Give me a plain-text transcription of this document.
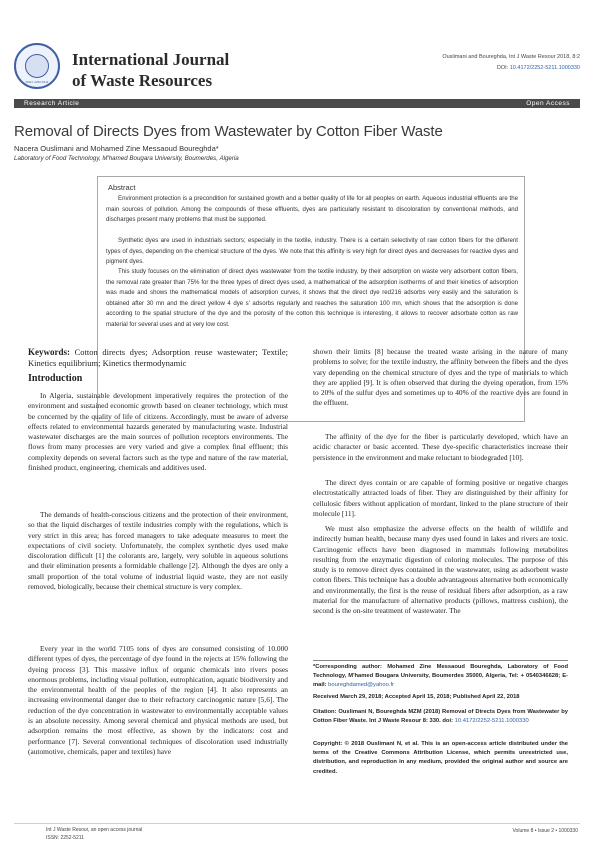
ISSN: 2252-5211
International Journal
of Waste Resources
Ouslimani and Boureghda, Int J Waste Resour 2018, 8:2
DOI: 10.4172/2252-5211.1000330
Research Article	Open Access
Removal of Directs Dyes from Wastewater by Cotton Fiber Waste
Nacera Ouslimani and Mohamed Zine Messaoud Boureghda*
Laboratory of Food Technology, M'hamed Bougara University, Boumerdes, Algeria
Abstract
Environment protection is a precondition for sustained growth and a better quality of life for all peoples on earth. Aqueous industrial effluents are the main sources of pollution. Among the compounds of these effluents, dyes are particularly resistant to discoloration by conventional methods, and discharges present many problems that must be supported.
Synthetic dyes are used in industrials sectors; especially in the textile, industry. There is a certain selectivity of raw cotton fibers for the different types of dyes, depending on the chemical structure of the dyes. We note that this affinity is very high for direct dyes and decreases for reactive dyes and pigment dyes.
This study focuses on the elimination of direct dyes wastewater from the textile industry, by their adsorption on waste very adsorbent cotton fibers, the removal rate greater than 75% for the three types of direct dyes used, a mathematical of the adsorption isotherms of and their kinetics of adsorption was made and shows the mathematical models of adsorption curves, it shows that the direct dye red216 adsorbs very easily and the saturation is obtained after 30 mn and the direct yellow 4 dye s' adsorbs regularly and reaches the saturation 100 mn, which shows that the adsorption is done according to the spatial structure of the dye and the porosity of the cotton this technique is interesting, it allows to recover adsorbate cotton as raw material for several uses and at very low cost.
Keywords: Cotton directs dyes; Adsorption reuse wastewater; Textile; Kinetics equilibrium; Kinetics thermodynamic
Introduction

In Algeria, sustainable development imperatively requires the protection of the environment and sustained economic growth based on cleaner technology, which must be concerned by the quality of life of citizens. Accordingly, must be aware of adverse effects related to environmental hazards generated by manufacturing waste. Industrial wastewater discharges are the main sources of pollution receptors environments. The flows from many processes are very varied and give a complex final effluent; this complexity depends on several factors such as the type and nature of the raw material, finished product, engineering, chemicals and additives used.

The demands of health-conscious citizens and the protection of their environment, so that the liquid discharges of textile industries comply with the regulations, which is very strict in this area; has forced managers to take adequate measures to meet the expectations of civil society. Unfortunately, the complex synthetic dyes used make discoloration difficult [1] the colorants are, largely, very soluble in aqueous solutions and their elimination presents a formidable challenge [2]. Although the dyes are only a small proportion of the total volume of industrial liquid waste, they are not easily removed, biologically, because their chemical structure is very complex.

Every year in the world 7105 tons of dyes are consumed consisting of 10.000 different types of dyes, the percentage of dye found in the rejects at 15% following the dyeing process [3]. This massive influx of organic chemicals into rivers poses enormous problems, including visual pollution, eutrophication, aquatic biodiversity and the environmental health of the peoples of the region [4]. It also represents an increasing environmental danger due to their refractory carcinogenic nature [5,6]. The reduction of the dye concentration in wastewater to environmentally acceptable values is an absolute necessity. Among several chemical and physical methods are used, but adsorption remains the most effective, as shown by the indicators: cost and performance [7]. Several conventional techniques of discoloration used industrially (automotive, chemicals, paper and textiles) have

shown their limits [8] because the treated waste arising in the nature of many problems to solve; for the textile industry, the affinity between the fibers and the dyes vary depending on the chemical structure of dyes and the type of materials to which they are applied [9]. It is often observed that during the dyeing operation, from 15% to 20% of the sulfur dyes and sometimes up to 40% of the reactive dyes are found in the effluent.

The affinity of the dye for the fiber is particularly developed, which have an acidic character or basic accented. These dye-specific characteristics increase their persistence in the environment and make reluctant to biodegraded [10].

The direct dyes contain or are capable of forming positive or negative charges electrostatically attracted loads of fiber. They are distinguished by their affinity for cellulosic fibers without application of mordant, linked to the plane structure of their molecule [11].

We must also emphasize the adverse effects on the health of wildlife and indirectly human health, because many dyes used found in lakes and rivers are toxic. Carcinogenic effects have been diagnosed in mammals following metabolites resulting from the enzymatic digestion of coloring molecules. The purpose of this study is to remove direct dyes contained in the wastewater, using as adsorbent waste cotton fibers. This technique has a double advantageous alternative both economically and environmentally, the first is the reuse of residual fibers after adsorption, as a raw material for the manufacture of alternative products (pillows, mattress cushion), the second is the on-site treatment of wastewater. The

*Corresponding author: Mohamed Zine Messaoud Boureghda, Laboratory of Food Technology, M'hamed Bougara University, Boumerdes 35000, Algeria, Tel: + 0540346628; E-mail: boureghdamed@yahoo.fr
Received March 29, 2018; Accepted April 15, 2018; Published April 22, 2018
Citation: Ouslimani N, Boureghda MZM (2018) Removal of Directs Dyes from Wastewater by Cotton Fiber Waste. Int J Waste Resour 8: 330. doi: 10.4172/2252-5211.1000330
Copyright: © 2018 Ouslimani N, et al. This is an open-access article distributed under the terms of the Creative Commons Attribution License, which permits unrestricted use, distribution, and reproduction in any medium, provided the original author and source are credited.
Int J Waste Resour, an open access journal
ISSN: 2252-5211
Volume 8 • Issue 2 • 1000330
